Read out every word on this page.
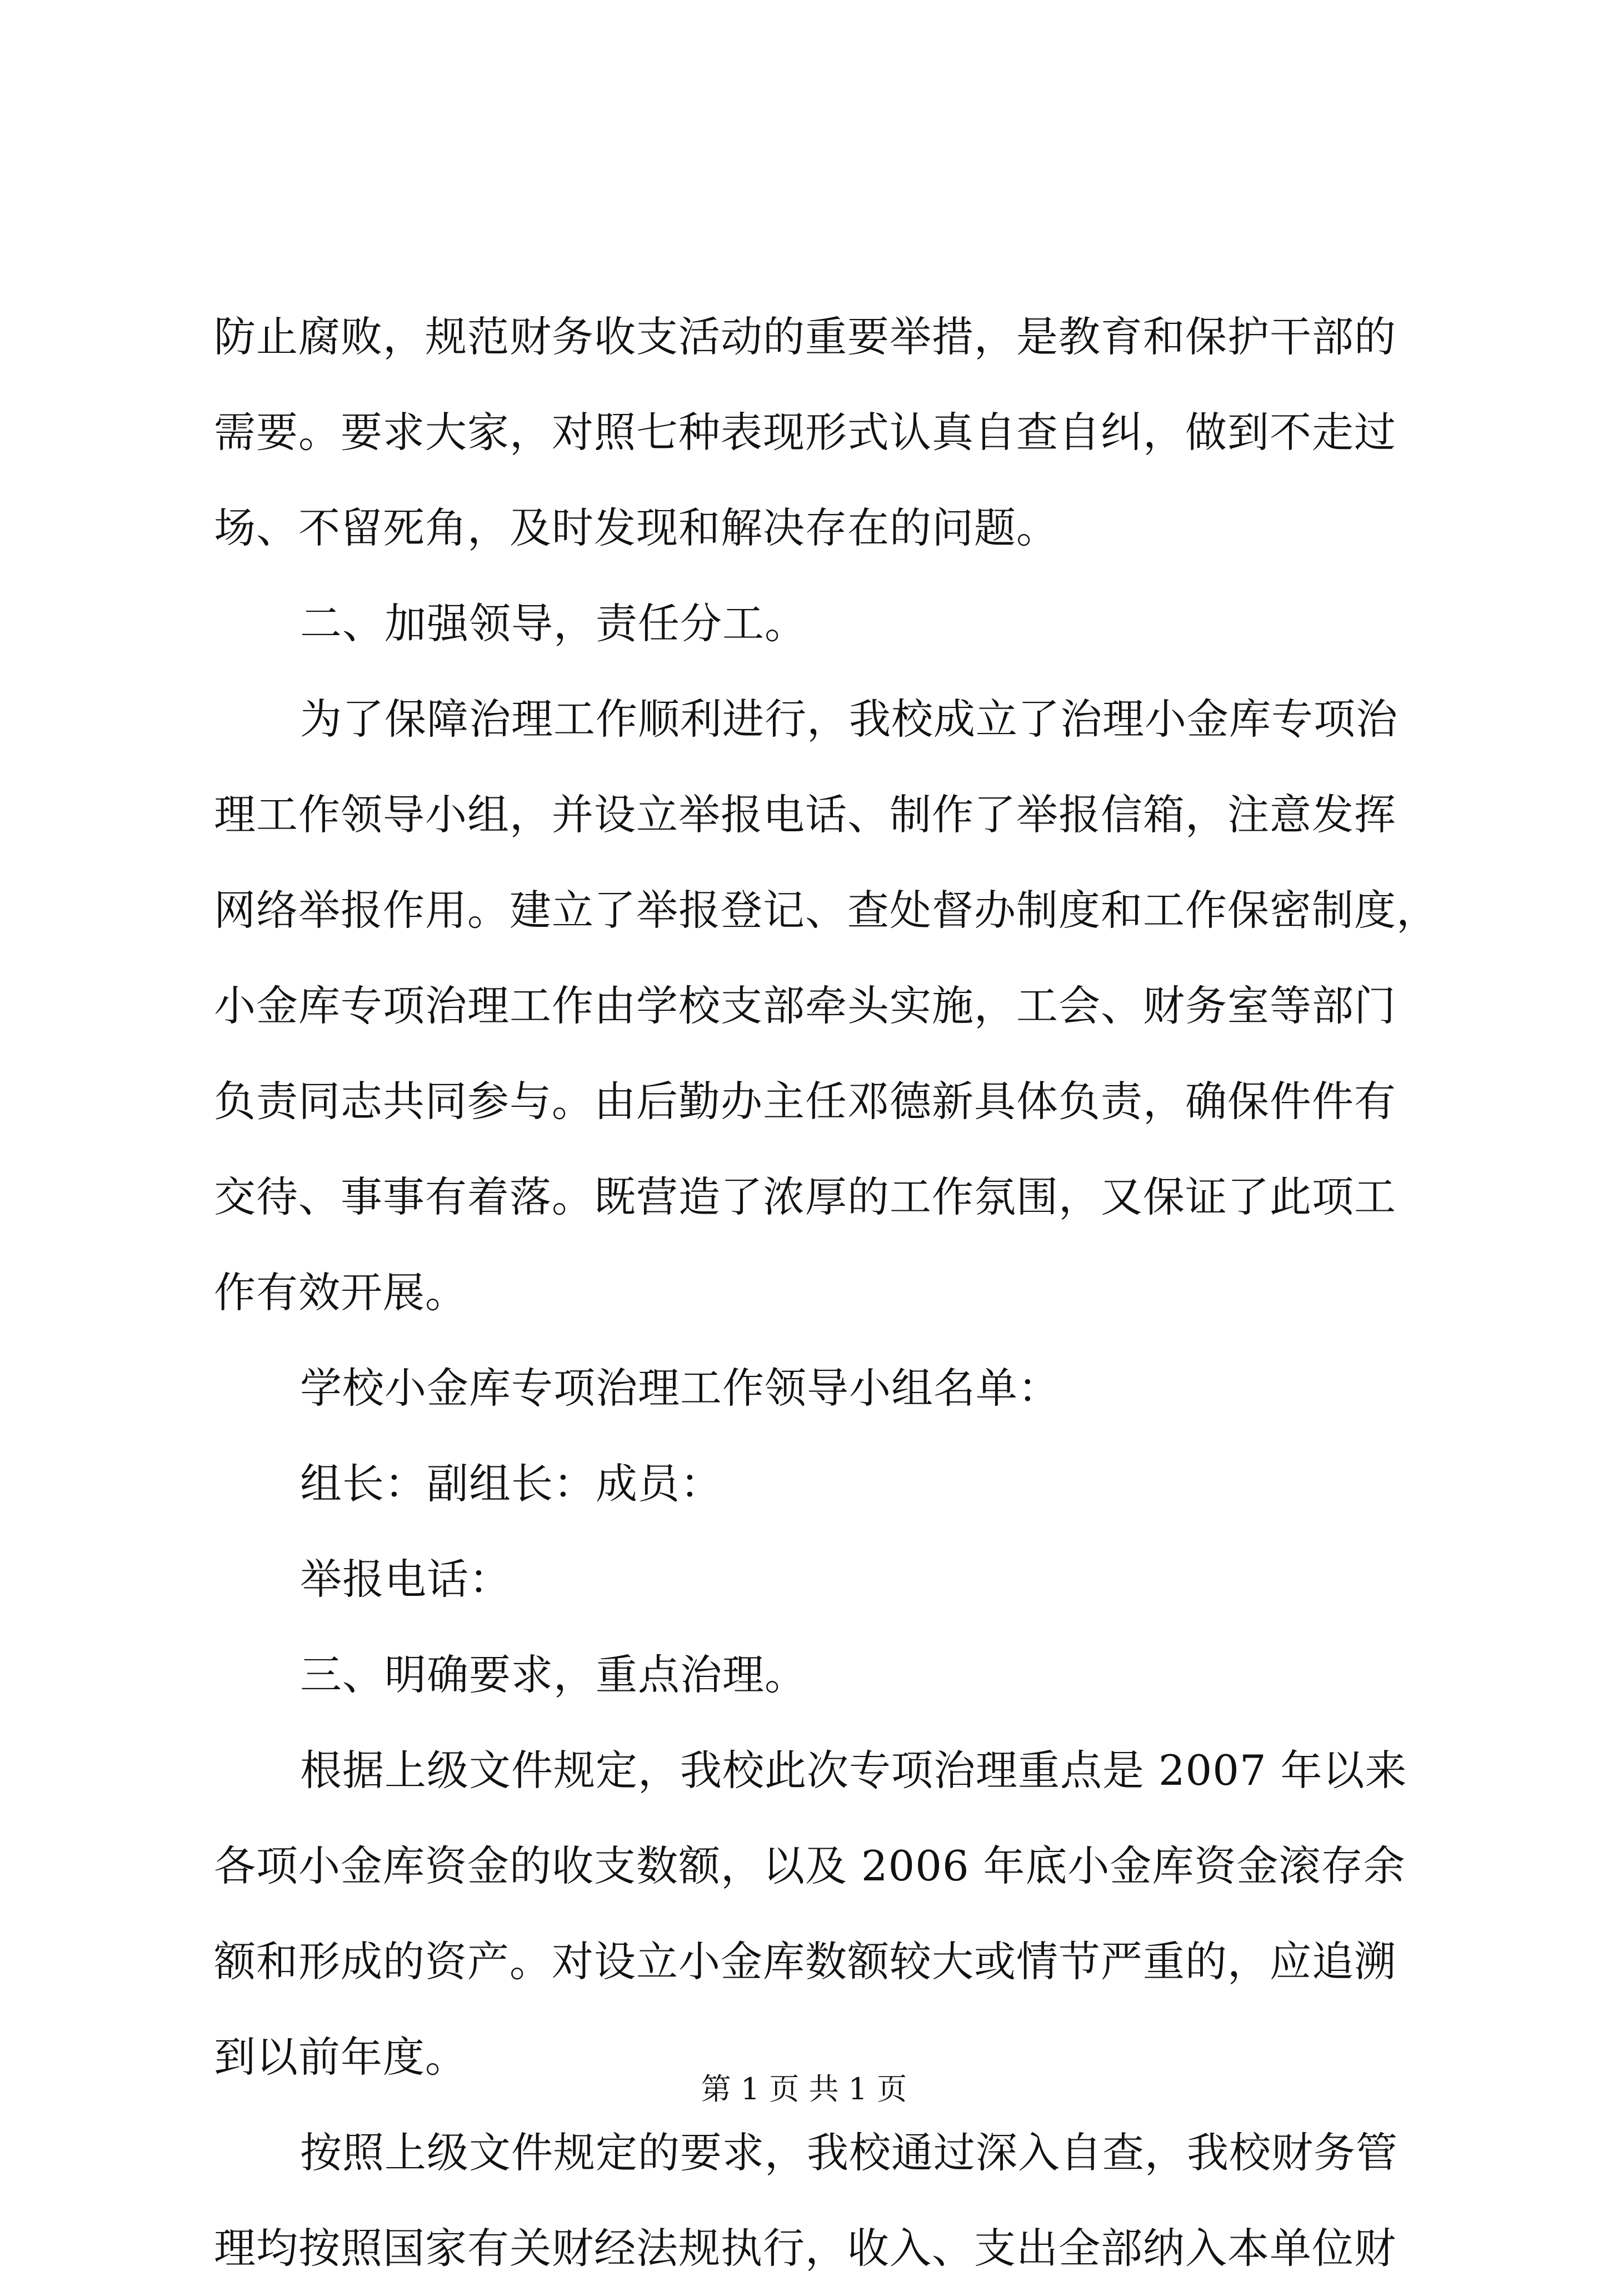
防止腐败，规范财务收支活动的重要举措，是教育和保护干部的
需要。要求大家，对照七种表现形式认真自查自纠，做到不走过
场、不留死角，及时发现和解决存在的问题。
二、加强领导，责任分工。
为了保障治理工作顺利进行，我校成立了治理小金库专项治
理工作领导小组，并设立举报电话、制作了举报信箱，注意发挥
网络举报作用。建立了举报登记、查处督办制度和工作保密制度，
小金库专项治理工作由学校支部牵头实施，工会、财务室等部门
负责同志共同参与。由后勤办主任邓德新具体负责，确保件件有
交待、事事有着落。既营造了浓厚的工作氛围，又保证了此项工
作有效开展。
学校小金库专项治理工作领导小组名单：
组长：副组长：成员：
举报电话：
三、明确要求，重点治理。
根据上级文件规定，我校此次专项治理重点是 2007 年以来
各项小金库资金的收支数额，以及 2006 年底小金库资金滚存余
额和形成的资产。对设立小金库数额较大或情节严重的，应追溯
到以前年度。
按照上级文件规定的要求，我校通过深入自查，我校财务管
理均按照国家有关财经法规执行，收入、支出全部纳入本单位财
第 1 页 共 1 页
